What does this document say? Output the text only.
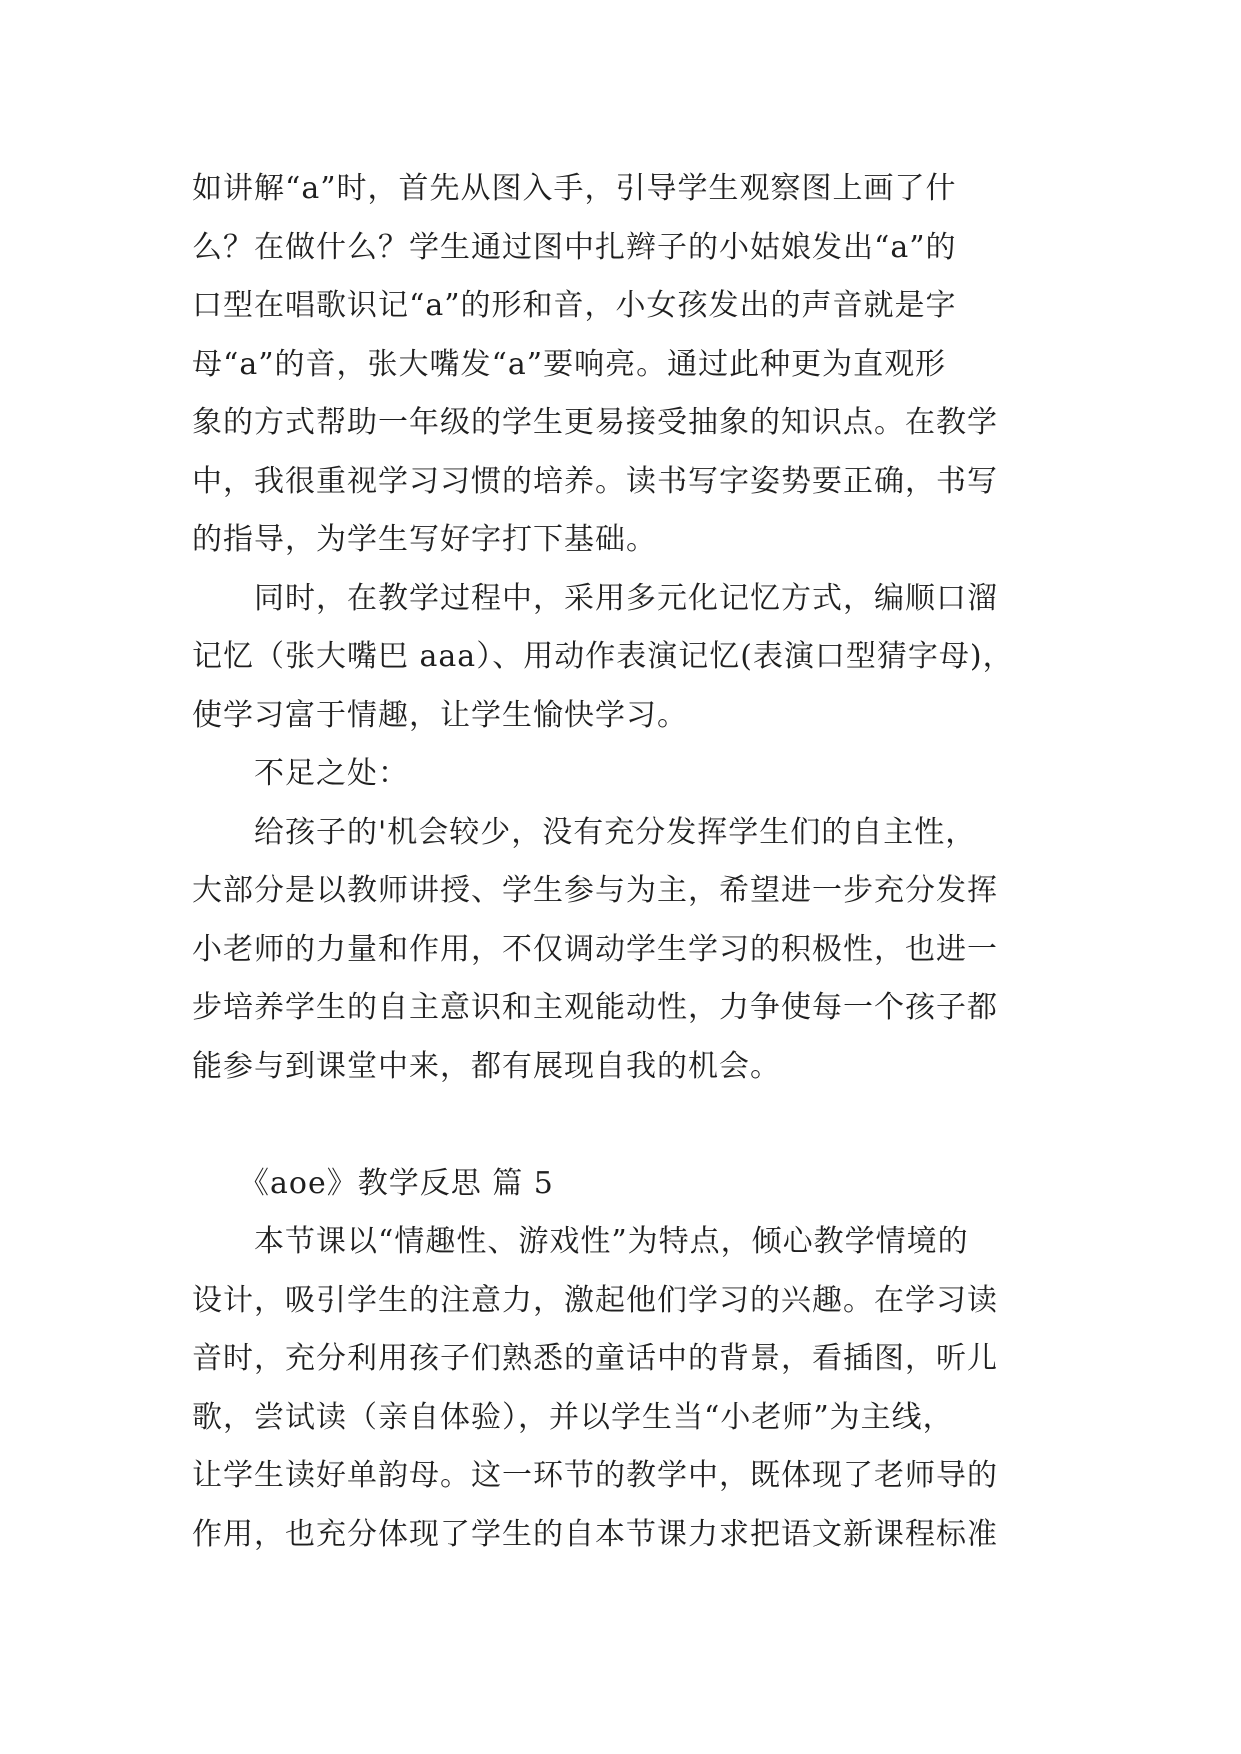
如讲解“a”时，首先从图入手，引导学生观察图上画了什
么？在做什么？学生通过图中扎辫子的小姑娘发出“a”的
口型在唱歌识记“a”的形和音，小女孩发出的声音就是字
母“a”的音，张大嘴发“a”要响亮。通过此种更为直观形
象的方式帮助一年级的学生更易接受抽象的知识点。在教学
中，我很重视学习习惯的培养。读书写字姿势要正确，书写
的指导，为学生写好字打下基础。
　　同时，在教学过程中，采用多元化记忆方式，编顺口溜
记忆（张大嘴巴 aaa）、用动作表演记忆(表演口型猜字母)，
使学习富于情趣，让学生愉快学习。
　　不足之处：
　　给孩子的'机会较少，没有充分发挥学生们的自主性，
大部分是以教师讲授、学生参与为主，希望进一步充分发挥
小老师的力量和作用，不仅调动学生学习的积极性，也进一
步培养学生的自主意识和主观能动性，力争使每一个孩子都
能参与到课堂中来，都有展现自我的机会。
　　《aoe》教学反思 篇 5
　　本节课以“情趣性、游戏性”为特点，倾心教学情境的
设计，吸引学生的注意力，激起他们学习的兴趣。在学习读
音时，充分利用孩子们熟悉的童话中的背景，看插图，听儿
歌，尝试读（亲自体验），并以学生当“小老师”为主线，
让学生读好单韵母。这一环节的教学中，既体现了老师导的
作用，也充分体现了学生的自本节课力求把语文新课程标准
